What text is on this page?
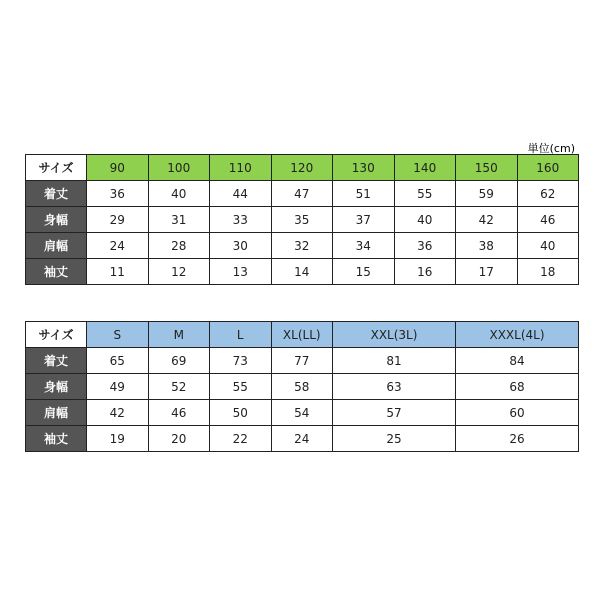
単位(cm)
サイズ	90	100	110	120	130	140	150	160
着丈	36	40	44	47	51	55	59	62
身幅	29	31	33	35	37	40	42	46
肩幅	24	28	30	32	34	36	38	40
袖丈	11	12	13	14	15	16	17	18
サイズ	S	M	L	XL(LL)	XXL(3L)	XXXL(4L)
着丈	65	69	73	77	81	84
身幅	49	52	55	58	63	68
肩幅	42	46	50	54	57	60
袖丈	19	20	22	24	25	26
